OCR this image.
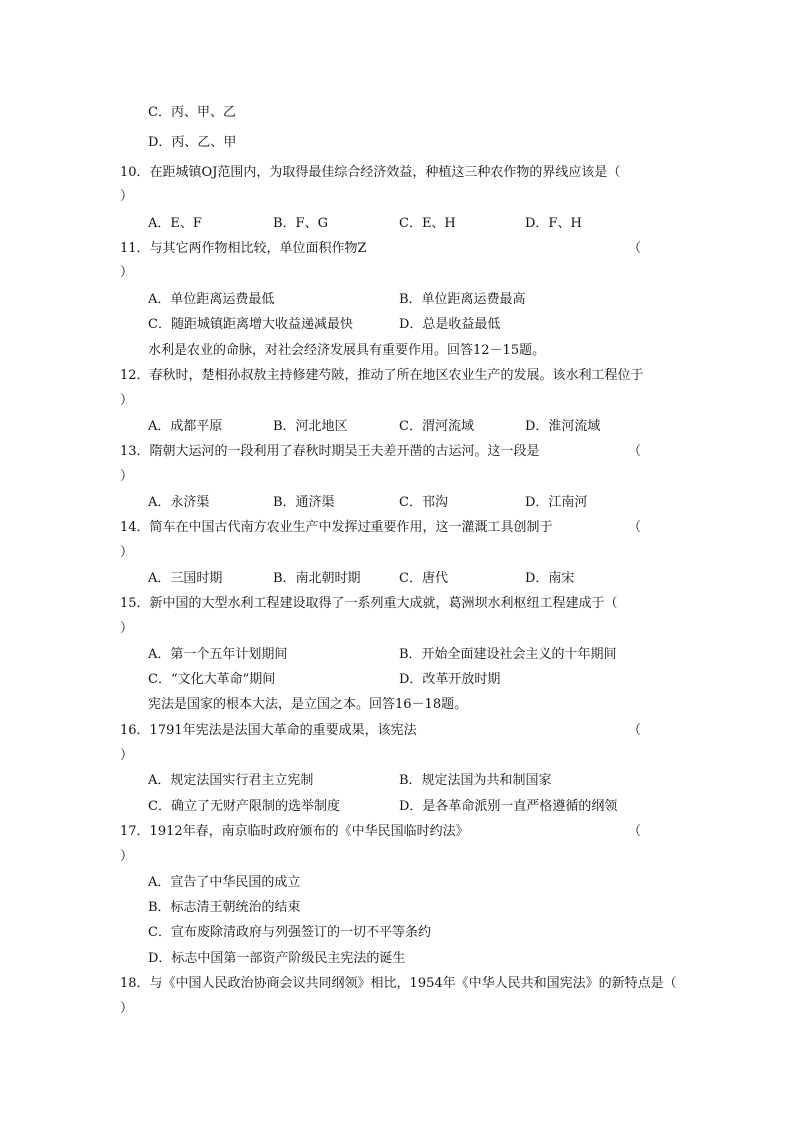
C．丙、甲、乙
D．丙、乙、甲
10．在距城镇OJ范围内，为取得最佳综合经济效益，种植这三种农作物的界线应该是（
）
A．E、F	B．F、G	C．E、H	D．F、H
11．与其它两作物相比较，单位面积作物Z	（
）
A．单位距离运费最低	B．单位距离运费最高
C．随距城镇距离增大收益递减最快	D．总是收益最低
水利是农业的命脉，对社会经济发展具有重要作用。回答12－15题。
12．春秋时，楚相孙叔敖主持修建芍陂，推动了所在地区农业生产的发展。该水利工程位于
）
A．成都平原	B．河北地区	C．渭河流域	D．淮河流域
13．隋朝大运河的一段利用了春秋时期吴王夫差开凿的古运河。这一段是	（
）
A．永济渠	B．通济渠	C．邗沟	D．江南河
14．简车在中国古代南方农业生产中发挥过重要作用，这一灌溉工具创制于	（
）
A．三国时期	B．南北朝时期	C．唐代	D．南宋
15．新中国的大型水利工程建设取得了一系列重大成就，葛洲坝水利枢纽工程建成于（
）
A．第一个五年计划期间	B．开始全面建设社会主义的十年期间
C．“文化大革命”期间	D．改革开放时期
宪法是国家的根本大法，是立国之本。回答16－18题。
16．1791年宪法是法国大革命的重要成果，该宪法	（
）
A．规定法国实行君主立宪制	B．规定法国为共和制国家
C．确立了无财产限制的选举制度	D．是各革命派别一直严格遵循的纲领
17．1912年春，南京临时政府颁布的《中华民国临时约法》	（
）
A．宣告了中华民国的成立
B．标志清王朝统治的结束
C．宣布废除清政府与列强签订的一切不平等条约
D．标志中国第一部资产阶级民主宪法的诞生
18．与《中国人民政治协商会议共同纲领》相比，1954年《中华人民共和国宪法》的新特点是（
）
